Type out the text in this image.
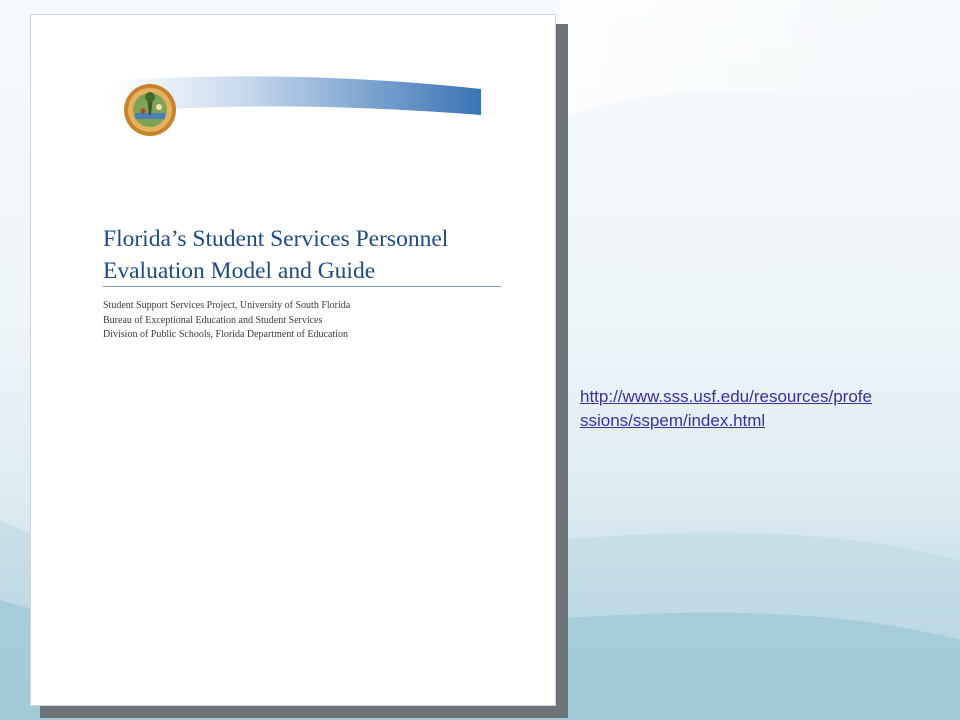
Florida’s Student Services Personnel
Evaluation Model and Guide
Student Support Services Project, University of South Florida
Bureau of Exceptional Education and Student Services
Division of Public Schools, Florida Department of Education
http://www.sss.usf.edu/resources/profe
ssions/sspem/index.html
